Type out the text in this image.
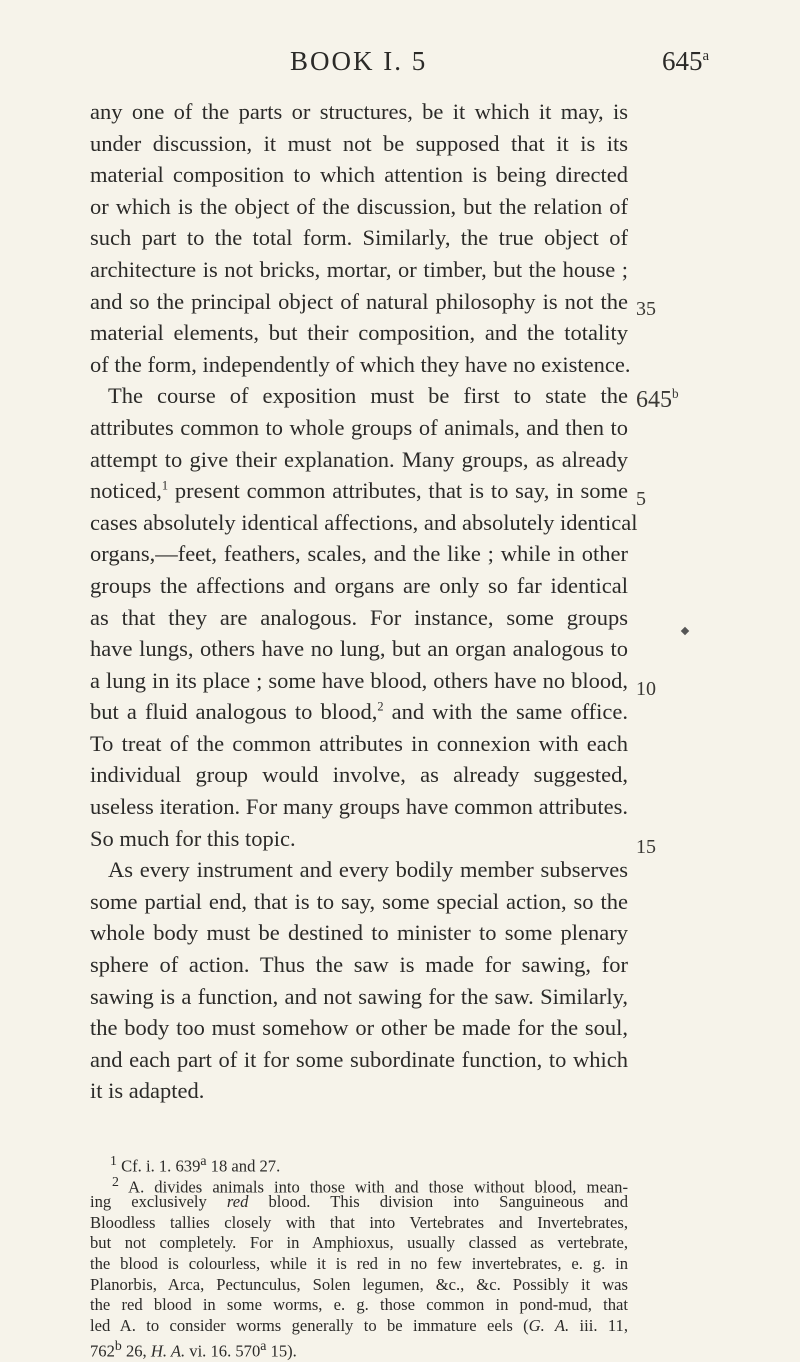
BOOK I. 5	645$^a$
any one of the parts or structures, be it which it may, is
under discussion, it must not be supposed that it is its
material composition to which attention is being directed
or which is the object of the discussion, but the relation of
such part to the total form. Similarly, the true object of
architecture is not bricks, mortar, or timber, but the house ;
and so the principal object of natural philosophy is not the
material elements, but their composition, and the totality
of the form, independently of which they have no existence.
The course of exposition must be first to state the
attributes common to whole groups of animals, and then to
attempt to give their explanation. Many groups, as already
noticed,$^1$ present common attributes, that is to say, in some
cases absolutely identical affections, and absolutely identical
organs,—feet, feathers, scales, and the like ; while in other
groups the affections and organs are only so far identical
as that they are analogous. For instance, some groups
have lungs, others have no lung, but an organ analogous to
a lung in its place ; some have blood, others have no blood,
but a fluid analogous to blood,$^2$ and with the same office.
To treat of the common attributes in connexion with each
individual group would involve, as already suggested,
useless iteration. For many groups have common attributes.
So much for this topic.
As every instrument and every bodily member subserves
some partial end, that is to say, some special action, so the
whole body must be destined to minister to some plenary
sphere of action. Thus the saw is made for sawing, for
sawing is a function, and not sawing for the saw. Similarly,
the body too must somehow or other be made for the soul,
and each part of it for some subordinate function, to which
it is adapted.
35
645$^b$
5
10
15
$^1$ Cf. i. 1. 639$^a$ 18 and 27.
$^2$ A. divides animals into those with and those without blood, mean-
ing exclusively red blood. This division into Sanguineous and
Bloodless tallies closely with that into Vertebrates and Invertebrates,
but not completely. For in Amphioxus, usually classed as vertebrate,
the blood is colourless, while it is red in no few invertebrates, e. g. in
Planorbis, Arca, Pectunculus, Solen legumen, &c., &c. Possibly it was
the red blood in some worms, e. g. those common in pond-mud, that
led A. to consider worms generally to be immature eels (G. A. iii. 11,
762$^b$ 26, H. A. vi. 16. 570$^a$ 15).
